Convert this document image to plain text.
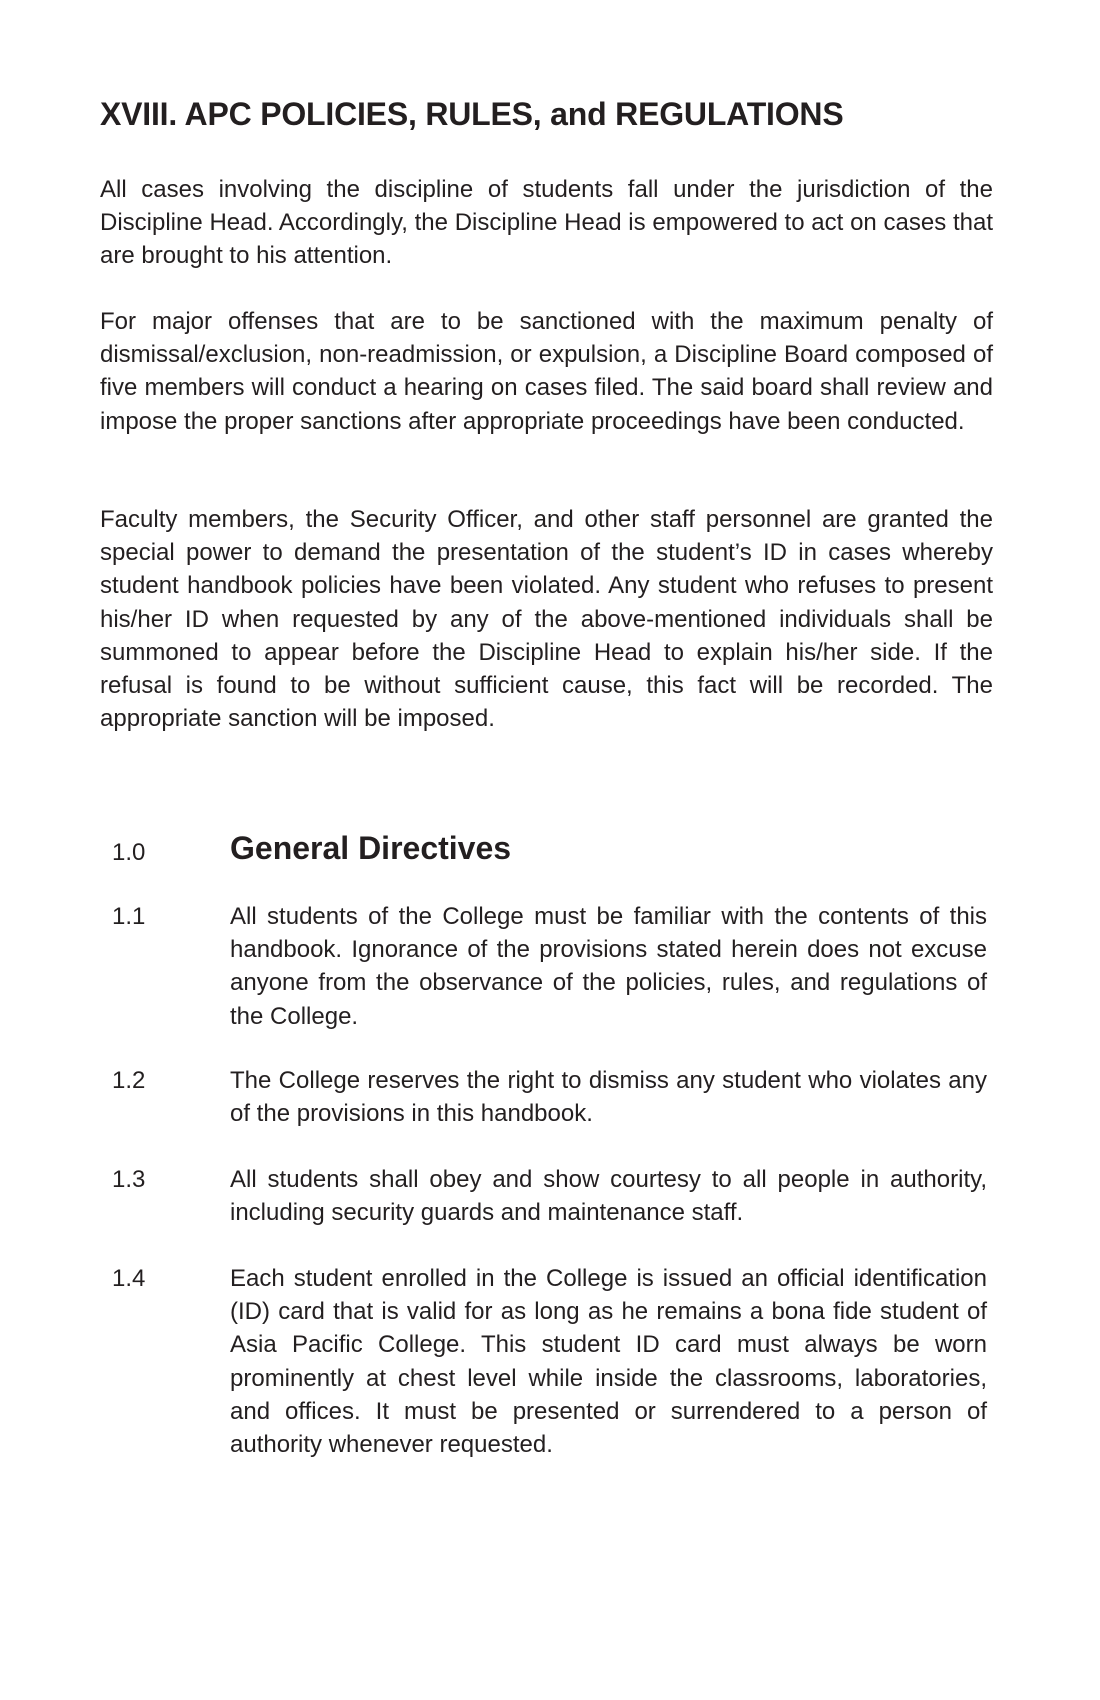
XVIII. APC POLICIES, RULES, and REGULATIONS

All cases involving the discipline of students fall under the jurisdiction of the Discipline Head. Accordingly, the Discipline Head is empowered to act on cases that are brought to his attention.

For major offenses that are to be sanctioned with the maximum penalty of dismissal/exclusion, non-readmission, or expulsion, a Discipline Board composed of five members will conduct a hearing on cases filed. The said board shall review and impose the proper sanctions after appropriate proceedings have been conducted.

Faculty members, the Security Officer, and other staff personnel are granted the special power to demand the presentation of the student’s ID in cases whereby student handbook policies have been violated. Any student who refuses to present his/her ID when requested by any of the above-mentioned individuals shall be summoned to appear before the Discipline Head to explain his/her side. If the refusal is found to be without sufficient cause, this fact will be recorded. The appropriate sanction will be imposed.

1.0	General Directives

1.1	All students of the College must be familiar with the contents of this handbook. Ignorance of the provisions stated herein does not excuse anyone from the observance of the policies, rules, and regulations of the College.

1.2	The College reserves the right to dismiss any student who violates any of the provisions in this handbook.

1.3	All students shall obey and show courtesy to all people in authority, including security guards and maintenance staff.

1.4	Each student enrolled in the College is issued an official identification (ID) card that is valid for as long as he remains a bona fide student of Asia Pacific College. This student ID card must always be worn prominently at chest level while inside the classrooms, laboratories, and offices. It must be presented or surrendered to a person of authority whenever requested.
